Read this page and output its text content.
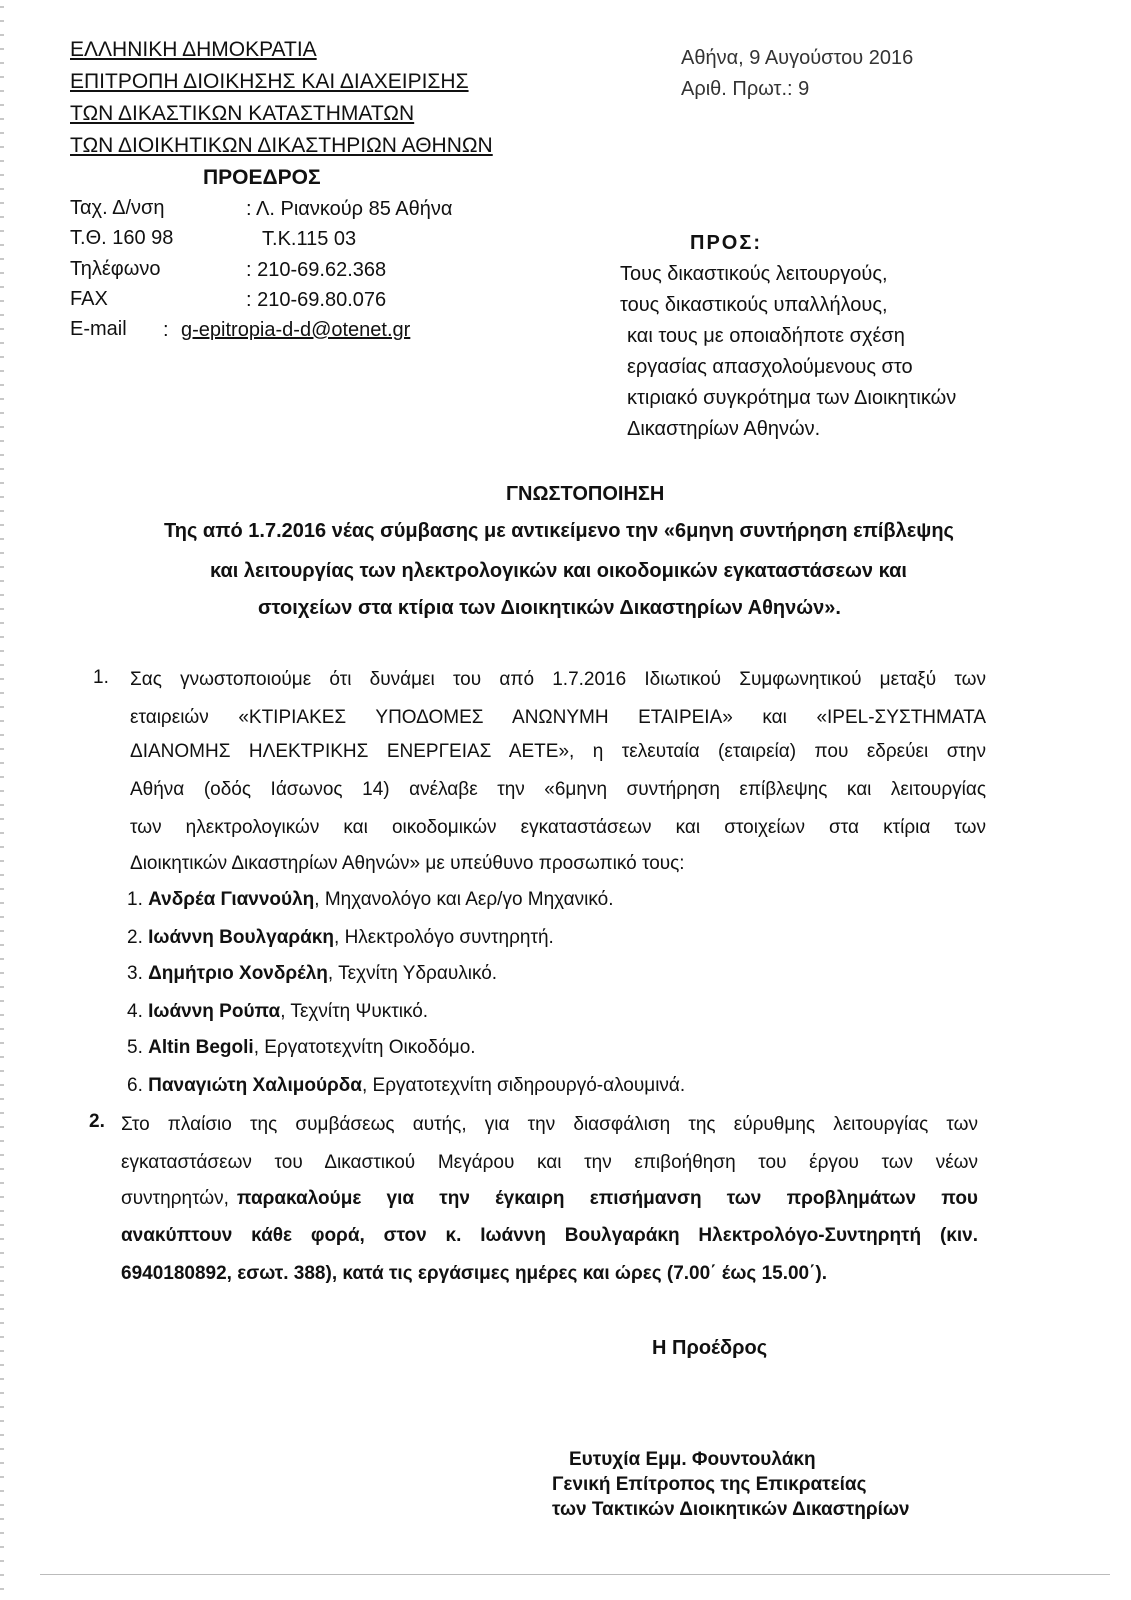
ΕΛΛΗΝΙΚΗ ΔΗΜΟΚΡΑΤΙΑ
ΕΠΙΤΡΟΠΗ ΔΙΟΙΚΗΣΗΣ ΚΑΙ ΔΙΑΧΕΙΡΙΣΗΣ
ΤΩΝ ΔΙΚΑΣΤΙΚΩΝ ΚΑΤΑΣΤΗΜΑΤΩΝ
ΤΩΝ ΔΙΟΙΚΗΤΙΚΩΝ ΔΙΚΑΣΤΗΡΙΩΝ ΑΘΗΝΩΝ
ΠΡΟΕΔΡΟΣ
Αθήνα, 9 Αυγούστου 2016
Αριθ. Πρωτ.: 9
Ταχ. Δ/νση	: Λ. Ριανκούρ 85 Αθήνα
Τ.Θ. 160 98	Τ.Κ.115 03
Τηλέφωνο	: 210-69.62.368
FAX	: 210-69.80.076
E-mail : g-epitropia-d-d@otenet.gr
ΠΡΟΣ:
Τους δικαστικούς λειτουργούς,
τους δικαστικούς υπαλλήλους,
και τους με οποιαδήποτε σχέση
εργασίας απασχολούμενους στο
κτιριακό συγκρότημα των Διοικητικών
Δικαστηρίων Αθηνών.
ΓΝΩΣΤΟΠΟΙΗΣΗ
Της από 1.7.2016 νέας σύμβασης με αντικείμενο την «6μηνη συντήρηση επίβλεψης
και λειτουργίας των ηλεκτρολογικών και οικοδομικών εγκαταστάσεων και
στοιχείων στα κτίρια των Διοικητικών Δικαστηρίων Αθηνών».
1. Σας γνωστοποιούμε ότι δυνάμει του από 1.7.2016 Ιδιωτικού Συμφωνητικού μεταξύ των
εταιρειών «ΚΤΙΡΙΑΚΕΣ ΥΠΟΔΟΜΕΣ ΑΝΩΝΥΜΗ ΕΤΑΙΡΕΙΑ» και «IPEL-ΣΥΣΤΗΜΑΤΑ
ΔΙΑΝΟΜΗΣ ΗΛΕΚΤΡΙΚΗΣ ΕΝΕΡΓΕΙΑΣ ΑΕΤΕ», η τελευταία (εταιρεία) που εδρεύει στην
Αθήνα (οδός Ιάσωνος 14) ανέλαβε την «6μηνη συντήρηση επίβλεψης και λειτουργίας
των ηλεκτρολογικών και οικοδομικών εγκαταστάσεων και στοιχείων στα κτίρια των
Διοικητικών Δικαστηρίων Αθηνών» με υπεύθυνο προσωπικό τους:
1. Ανδρέα Γιαννούλη, Μηχανολόγο και Αερ/γο Μηχανικό.
2. Ιωάννη Βουλγαράκη, Ηλεκτρολόγο συντηρητή.
3. Δημήτριο Χονδρέλη, Τεχνίτη Υδραυλικό.
4. Ιωάννη Ρούπα, Τεχνίτη Ψυκτικό.
5. Altin Begoli, Εργατοτεχνίτη Οικοδόμο.
6. Παναγιώτη Χαλιμούρδα, Εργατοτεχνίτη σιδηρουργό-αλουμινά.
2. Στο πλαίσιο της συμβάσεως αυτής, για την διασφάλιση της εύρυθμης λειτουργίας των
εγκαταστάσεων του Δικαστικού Μεγάρου και την επιβοήθηση του έργου των νέων
συντηρητών, παρακαλούμε για την έγκαιρη επισήμανση των προβλημάτων που
ανακύπτουν κάθε φορά, στον κ. Ιωάννη Βουλγαράκη Ηλεκτρολόγο-Συντηρητή (κιν.
6940180892, εσωτ. 388), κατά τις εργάσιμες ημέρες και ώρες (7.00΄ έως 15.00΄).
Η Προέδρος
Ευτυχία Εμμ. Φουντουλάκη
Γενική Επίτροπος της Επικρατείας
των Τακτικών Διοικητικών Δικαστηρίων
